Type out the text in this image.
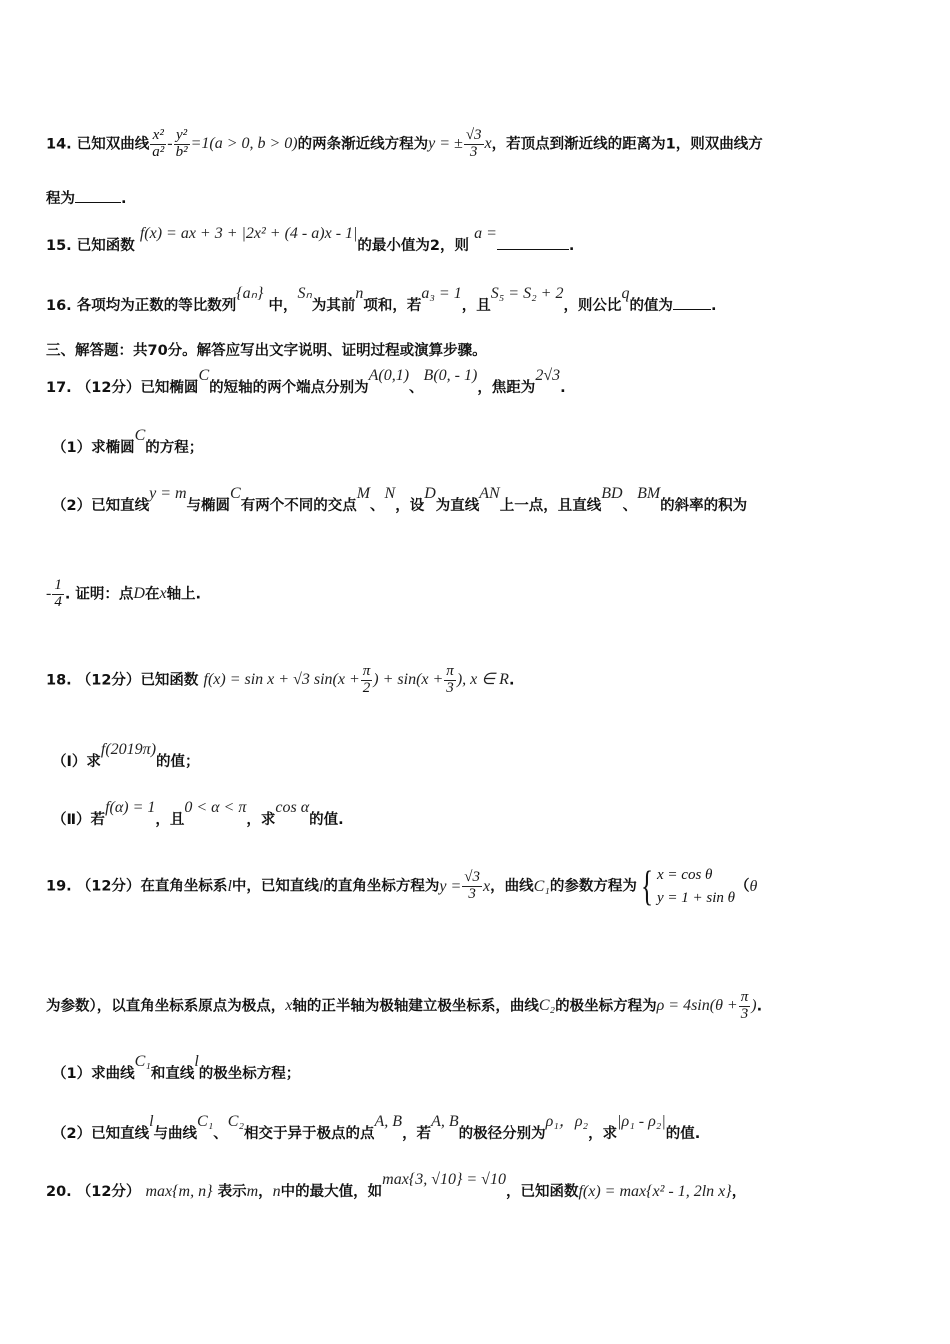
14. 已知双曲线 $\frac{\text{x²}}{\text{a²}} - \frac{\text{y²}}{\text{b²}} =1(a > 0$, b > 0)的两条渐近线方程为y = ± $\frac{√3}{3}$ x，若顶点到渐近线的距离为1，则双曲线方
程为	.
15. 已知函数 f(x) = ax + 3 + |2x² + (4 - a)x - 1|的最小值为2，则 a =.
16. 各项均为正数的等比数列{aₙ} 中，Sₙ为其前n项和，若a₃ = 1，且S₅ = S₂ + 2，则公比q的值为	.
三、解答题：共70分。解答应写出文字说明、证明过程或演算步骤。
17. （12分）已知椭圆C的短轴的两个端点分别为A(0,1)、B(0, - 1)，焦距为2√3.
（1）求椭圆C的方程；
（2）已知直线y = m与椭圆C有两个不同的交点M、N，设D为直线AN上一点，且直线BD、BM的斜率的积为
- $\frac{1}{4}$ . 证明：点D在x轴上.
18. （12分）已知函数 f(x) = sin x + √3 $\sin(x + \frac{\pi}{2}$ ) + $\sin(x + \frac{\pi}{3}$ ), x ∈ R.
（Ⅰ）求f(2019π)的值；
（Ⅱ）若f(α) = 1，且0 < α < π，求cos α的值.
19. （12分）在直角坐标系l中，已知直线l的直角坐标方程为$y = \frac{√3}{3}$ x，曲线C₁的参数方程为{ x = cos θ
y = 1 + sin θ
（θ
为参数），以直角坐标系原点为极点，x轴的正半轴为极轴建立极坐标系，曲线C₂的极坐标方程为$\rho = 4\sin(\theta + \frac{\pi}{3}$ ).
（1）求曲线C₁和直线l的极坐标方程；
（2）已知直线l与曲线C₁、C₂相交于异于极点的点A, B，若A, B的极径分别为ρ₁，ρ₂，求|ρ₁ - ρ₂|的值.
20. （12分） max{m, n} 表示m，n中的最大值，如max{3, √10} = √10，已知函数f(x) = max{x² - 1, 2ln x}，
